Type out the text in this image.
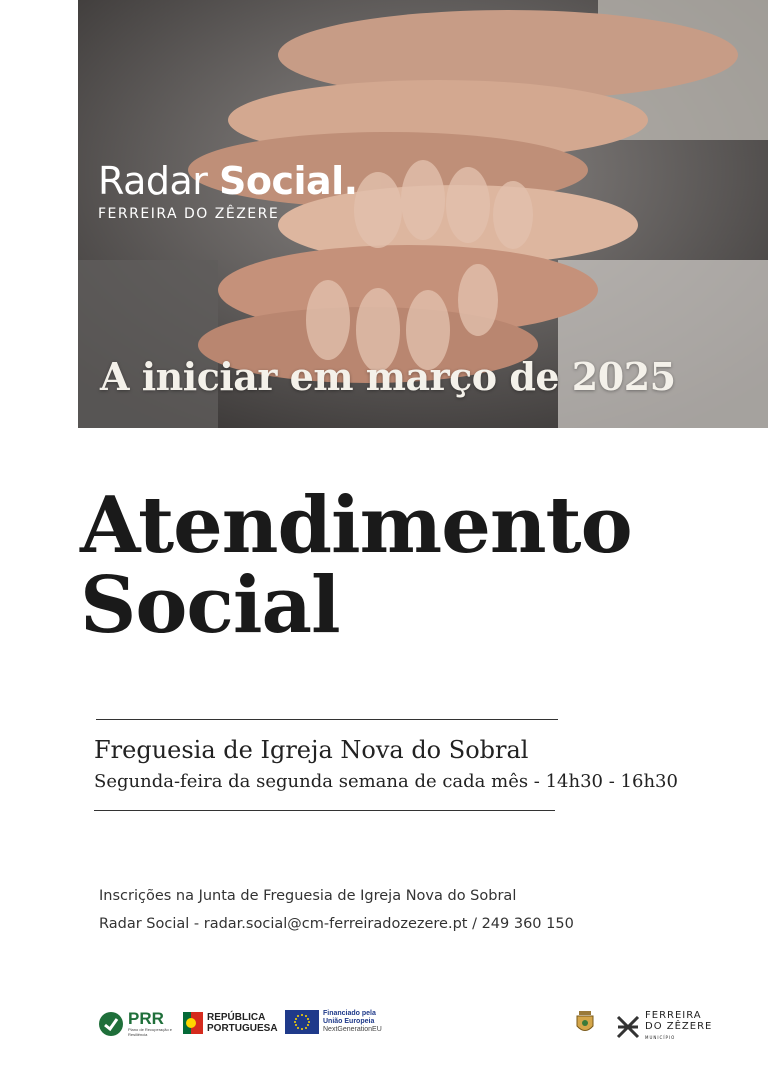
Radar Social.
FERREIRA DO ZÊZERE
A iniciar em março de 2025
Atendimento
Social
Freguesia de Igreja Nova do Sobral
Segunda-feira da segunda semana de cada mês - 14h30 - 16h30
Inscrições na Junta de Freguesia de Igreja Nova do Sobral
Radar Social - radar.social@cm-ferreiradozezere.pt / 249 360 150
PRR
Plano de Recuperação e Resiliência
REPÚBLICA
PORTUGUESA
Financiado pela
União Europeia
NextGenerationEU
FERREIRA
DO ZÊZERE
MUNICÍPIO
